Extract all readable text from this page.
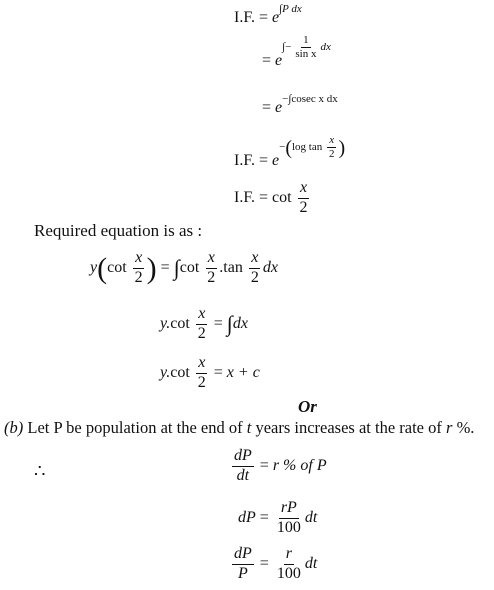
I.F. = $e^{\int P dx}$
= $e^{\int- \frac{1}{\text{sin x}} dx}$
= $e^{-\int cosec x dx}$
I.F. = $e^{-(log tan \frac{x}{2} )}$
I.F. = $\cot \frac{x}{2}$
Required equation is as :
$y(\cot \frac{x}{2}$ ) = $\int\cot \frac{x}{2} .\tan \frac{x}{2}$ dx
$y.\cot \frac{x}{2} = \int dx$
$y.\cot \frac{x}{2} = x + c$
Or
(b) Let P be population at the end of t years increases at the rate of r %.
∴	$\frac{dP}{dt} = r$ % of P
dP = $\frac{rP}{100}$ dt
$\frac{dP}{P} = \frac{r}{100}$ dt
